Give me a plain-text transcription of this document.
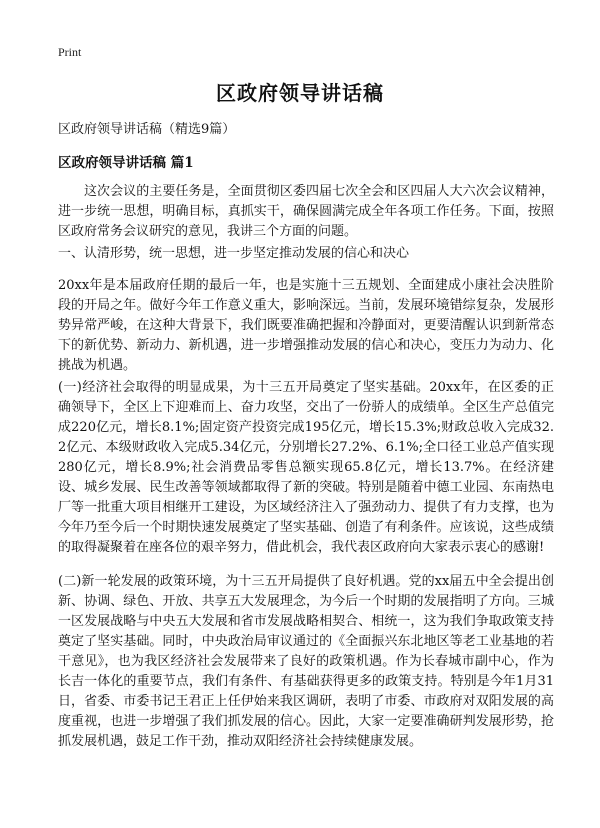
Print
区政府领导讲话稿
区政府领导讲话稿（精选9篇）
区政府领导讲话稿 篇1
这次会议的主要任务是，全面贯彻区委四届七次全会和区四届人大六次会议精神，进一步统一思想，明确目标，真抓实干，确保圆满完成全年各项工作任务。下面，按照区政府常务会议研究的意见，我讲三个方面的问题。
一、认清形势，统一思想，进一步坚定推动发展的信心和决心
20xx年是本届政府任期的最后一年，也是实施十三五规划、全面建成小康社会决胜阶段的开局之年。做好今年工作意义重大，影响深远。当前，发展环境错综复杂，发展形势异常严峻，在这种大背景下，我们既要准确把握和冷静面对，更要清醒认识到新常态下的新优势、新动力、新机遇，进一步增强推动发展的信心和决心，变压力为动力、化挑战为机遇。
(一)经济社会取得的明显成果，为十三五开局奠定了坚实基础。20xx年，在区委的正确领导下，全区上下迎难而上、奋力攻坚，交出了一份骄人的成绩单。全区生产总值完成220亿元，增长8.1%;固定资产投资完成195亿元，增长15.3%;财政总收入完成32.2亿元、本级财政收入完成5.34亿元，分别增长27.2%、6.1%;全口径工业总产值实现280亿元，增长8.9%;社会消费品零售总额实现65.8亿元，增长13.7%。在经济建设、城乡发展、民生改善等领域都取得了新的突破。特别是随着中德工业园、东南热电厂等一批重大项目相继开工建设，为区域经济注入了强劲动力、提供了有力支撑，也为今年乃至今后一个时期快速发展奠定了坚实基础、创造了有利条件。应该说，这些成绩的取得凝聚着在座各位的艰辛努力，借此机会，我代表区政府向大家表示衷心的感谢!
(二)新一轮发展的政策环境，为十三五开局提供了良好机遇。党的xx届五中全会提出创新、协调、绿色、开放、共享五大发展理念，为今后一个时期的发展指明了方向。三城一区发展战略与中央五大发展和省市发展战略相契合、相统一，这为我们争取政策支持奠定了坚实基础。同时，中央政治局审议通过的《全面振兴东北地区等老工业基地的若干意见》，也为我区经济社会发展带来了良好的政策机遇。作为长春城市副中心，作为长吉一体化的重要节点，我们有条件、有基础获得更多的政策支持。特别是今年1月31日，省委、市委书记王君正上任伊始来我区调研，表明了市委、市政府对双阳发展的高度重视，也进一步增强了我们抓发展的信心。因此，大家一定要准确研判发展形势，抢抓发展机遇，鼓足工作干劲，推动双阳经济社会持续健康发展。
